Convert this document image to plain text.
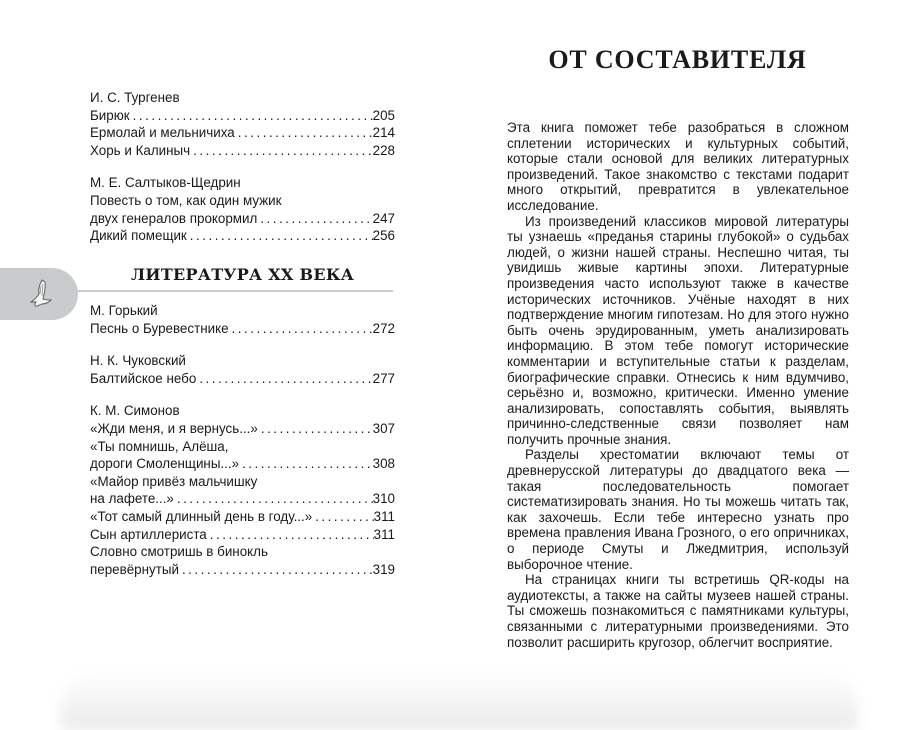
И. С. Тургенев
Бирюк . . .	205
Ермолай и мельничиха . . .	214
Хорь и Калиныч . . .	228
М. Е. Салтыков-Щедрин
Повесть о том, как один мужик
двух генералов прокормил . . .	247
Дикий помещик . . .	256
ЛИТЕРАТУРА XX ВЕКА
М. Горький
Песнь о Буревестнике . . .	272
Н. К. Чуковский
Балтийское небо . . .	277
К. М. Симонов
«Жди меня, и я вернусь...» . . .	307
«Ты помнишь, Алёша,
дороги Смоленщины...» . . .	308
«Майор привёз мальчишку
на лафете...» . . .	310
«Тот самый длинный день в году...» . . .	311
Сын артиллериста . . .	311
Словно смотришь в бинокль
перевёрнутый . . .	319
ОТ СОСТАВИТЕЛЯ

Эта книга поможет тебе разобраться в сложном сплетении исторических и культурных событий, которые стали основой для великих литературных произведений. Такое знакомство с текстами подарит много открытий, превратится в увлекательное исследование.

Из произведений классиков мировой литературы ты узнаешь «преданья старины глубокой» о судьбах людей, о жизни нашей страны. Неспешно читая, ты увидишь живые картины эпохи. Литературные произведения часто используют также в качестве исторических источников. Учёные находят в них подтверждение многим гипотезам. Но для этого нужно быть очень эрудированным, уметь анализировать информацию. В этом тебе помогут исторические комментарии и вступительные статьи к разделам, биографические справки. Отнесись к ним вдумчиво, серьёзно и, возможно, критически. Именно умение анализировать, сопоставлять события, выявлять причинно-следственные связи позволяет нам получить прочные знания.

Разделы хрестоматии включают темы от древнерусской литературы до двадцатого века — такая последовательность помогает систематизировать знания. Но ты можешь читать так, как захочешь. Если тебе интересно узнать про времена правления Ивана Грозного, о его опричниках, о периоде Смуты и Лжедмитрия, используй выборочное чтение.

На страницах книги ты встретишь QR-коды на аудиотексты, а также на сайты музеев нашей страны. Ты сможешь познакомиться с памятниками культуры, связанными с литературными произведениями. Это позволит расширить кругозор, облегчит восприятие.
